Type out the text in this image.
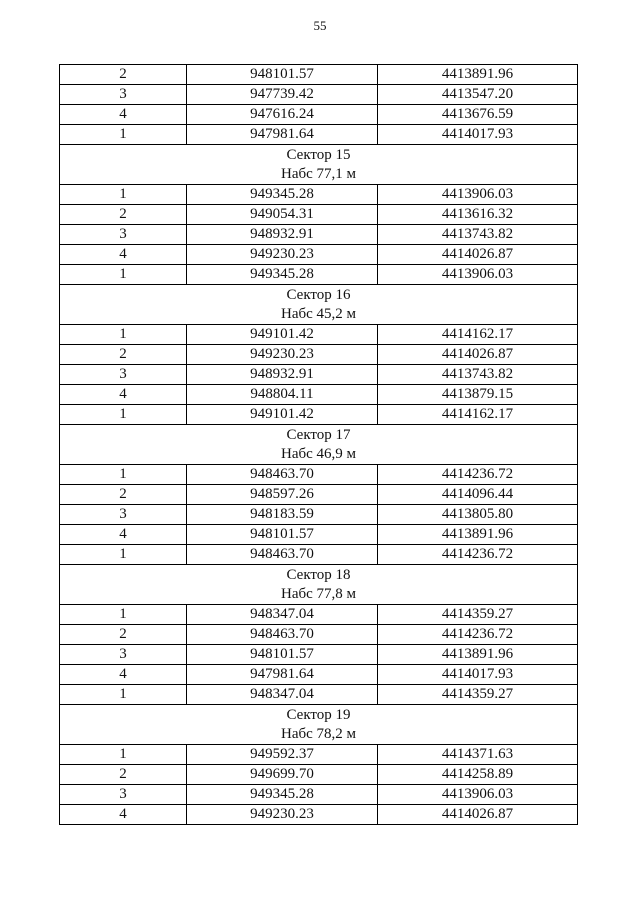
55
2	948101.57	4413891.96
3	947739.42	4413547.20
4	947616.24	4413676.59
1	947981.64	4414017.93

Сектор 15
Набс 77,1 м		

1	949345.28	4413906.03
2	949054.31	4413616.32
3	948932.91	4413743.82
4	949230.23	4414026.87
1	949345.28	4413906.03

Сектор 16
Набс 45,2 м		

1	949101.42	4414162.17
2	949230.23	4414026.87
3	948932.91	4413743.82
4	948804.11	4413879.15
1	949101.42	4414162.17

Сектор 17
Набс 46,9 м		

1	948463.70	4414236.72
2	948597.26	4414096.44
3	948183.59	4413805.80
4	948101.57	4413891.96
1	948463.70	4414236.72

Сектор 18
Набс 77,8 м		

1	948347.04	4414359.27
2	948463.70	4414236.72
3	948101.57	4413891.96
4	947981.64	4414017.93
1	948347.04	4414359.27

Сектор 19
Набс 78,2 м		

1	949592.37	4414371.63
2	949699.70	4414258.89
3	949345.28	4413906.03
4	949230.23	4414026.87
